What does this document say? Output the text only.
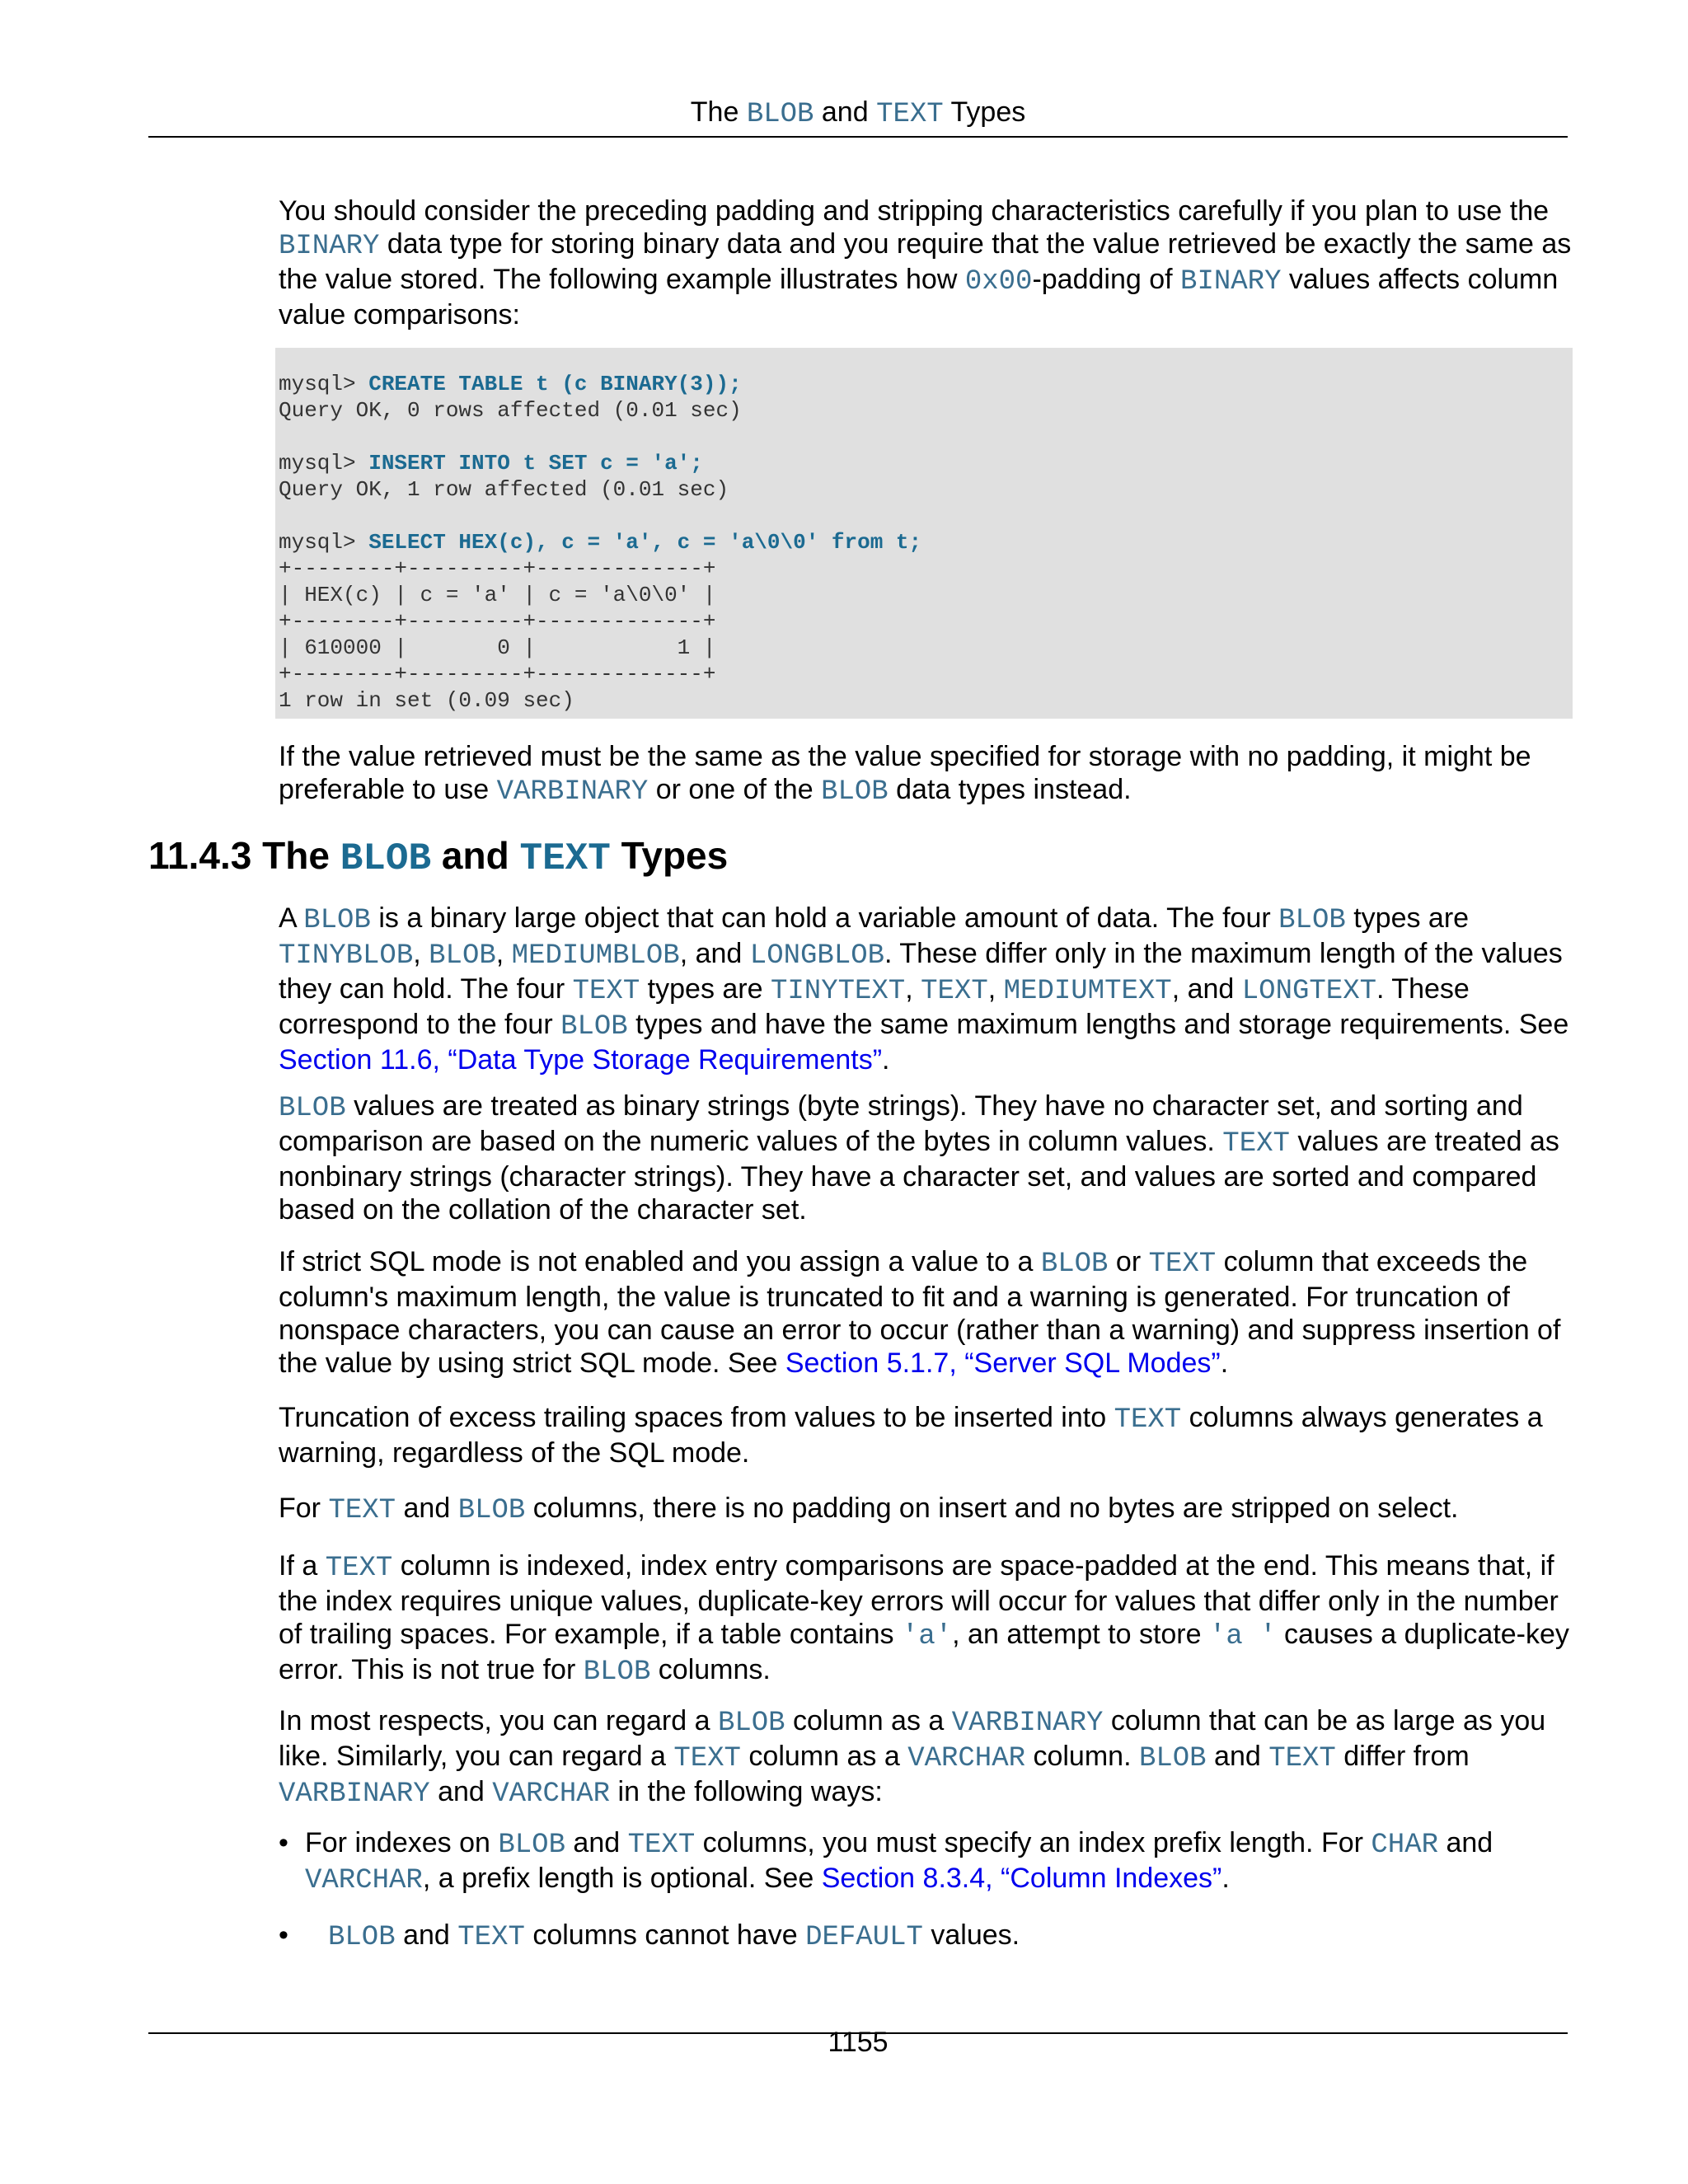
The BLOB and TEXT Types

You should consider the preceding padding and stripping characteristics carefully if you plan to use the BINARY data type for storing binary data and you require that the value retrieved be exactly the same as the value stored. The following example illustrates how 0x00-padding of BINARY values affects column value comparisons:

mysql> CREATE TABLE t (c BINARY(3));
Query OK, 0 rows affected (0.01 sec)

mysql> INSERT INTO t SET c = 'a';
Query OK, 1 row affected (0.01 sec)

mysql> SELECT HEX(c), c = 'a', c = 'a\0\0' from t;
+--------+---------+-------------+
| HEX(c) | c = 'a' | c = 'a\0\0' |
+--------+---------+-------------+
| 610000 |       0 |           1 |
+--------+---------+-------------+
1 row in set (0.09 sec)

If the value retrieved must be the same as the value specified for storage with no padding, it might be preferable to use VARBINARY or one of the BLOB data types instead.

11.4.3 The BLOB and TEXT Types

A BLOB is a binary large object that can hold a variable amount of data. The four BLOB types are TINYBLOB, BLOB, MEDIUMBLOB, and LONGBLOB. These differ only in the maximum length of the values they can hold. The four TEXT types are TINYTEXT, TEXT, MEDIUMTEXT, and LONGTEXT. These correspond to the four BLOB types and have the same maximum lengths and storage requirements. See Section 11.6, “Data Type Storage Requirements”.

BLOB values are treated as binary strings (byte strings). They have no character set, and sorting and comparison are based on the numeric values of the bytes in column values. TEXT values are treated as nonbinary strings (character strings). They have a character set, and values are sorted and compared based on the collation of the character set.

If strict SQL mode is not enabled and you assign a value to a BLOB or TEXT column that exceeds the column's maximum length, the value is truncated to fit and a warning is generated. For truncation of nonspace characters, you can cause an error to occur (rather than a warning) and suppress insertion of the value by using strict SQL mode. See Section 5.1.7, “Server SQL Modes”.

Truncation of excess trailing spaces from values to be inserted into TEXT columns always generates a warning, regardless of the SQL mode.

For TEXT and BLOB columns, there is no padding on insert and no bytes are stripped on select.

If a TEXT column is indexed, index entry comparisons are space-padded at the end. This means that, if the index requires unique values, duplicate-key errors will occur for values that differ only in the number of trailing spaces. For example, if a table contains 'a', an attempt to store 'a ' causes a duplicate-key error. This is not true for BLOB columns.

In most respects, you can regard a BLOB column as a VARBINARY column that can be as large as you like. Similarly, you can regard a TEXT column as a VARCHAR column. BLOB and TEXT differ from VARBINARY and VARCHAR in the following ways:

• For indexes on BLOB and TEXT columns, you must specify an index prefix length. For CHAR and VARCHAR, a prefix length is optional. See Section 8.3.4, “Column Indexes”.
• BLOB and TEXT columns cannot have DEFAULT values.
1155
